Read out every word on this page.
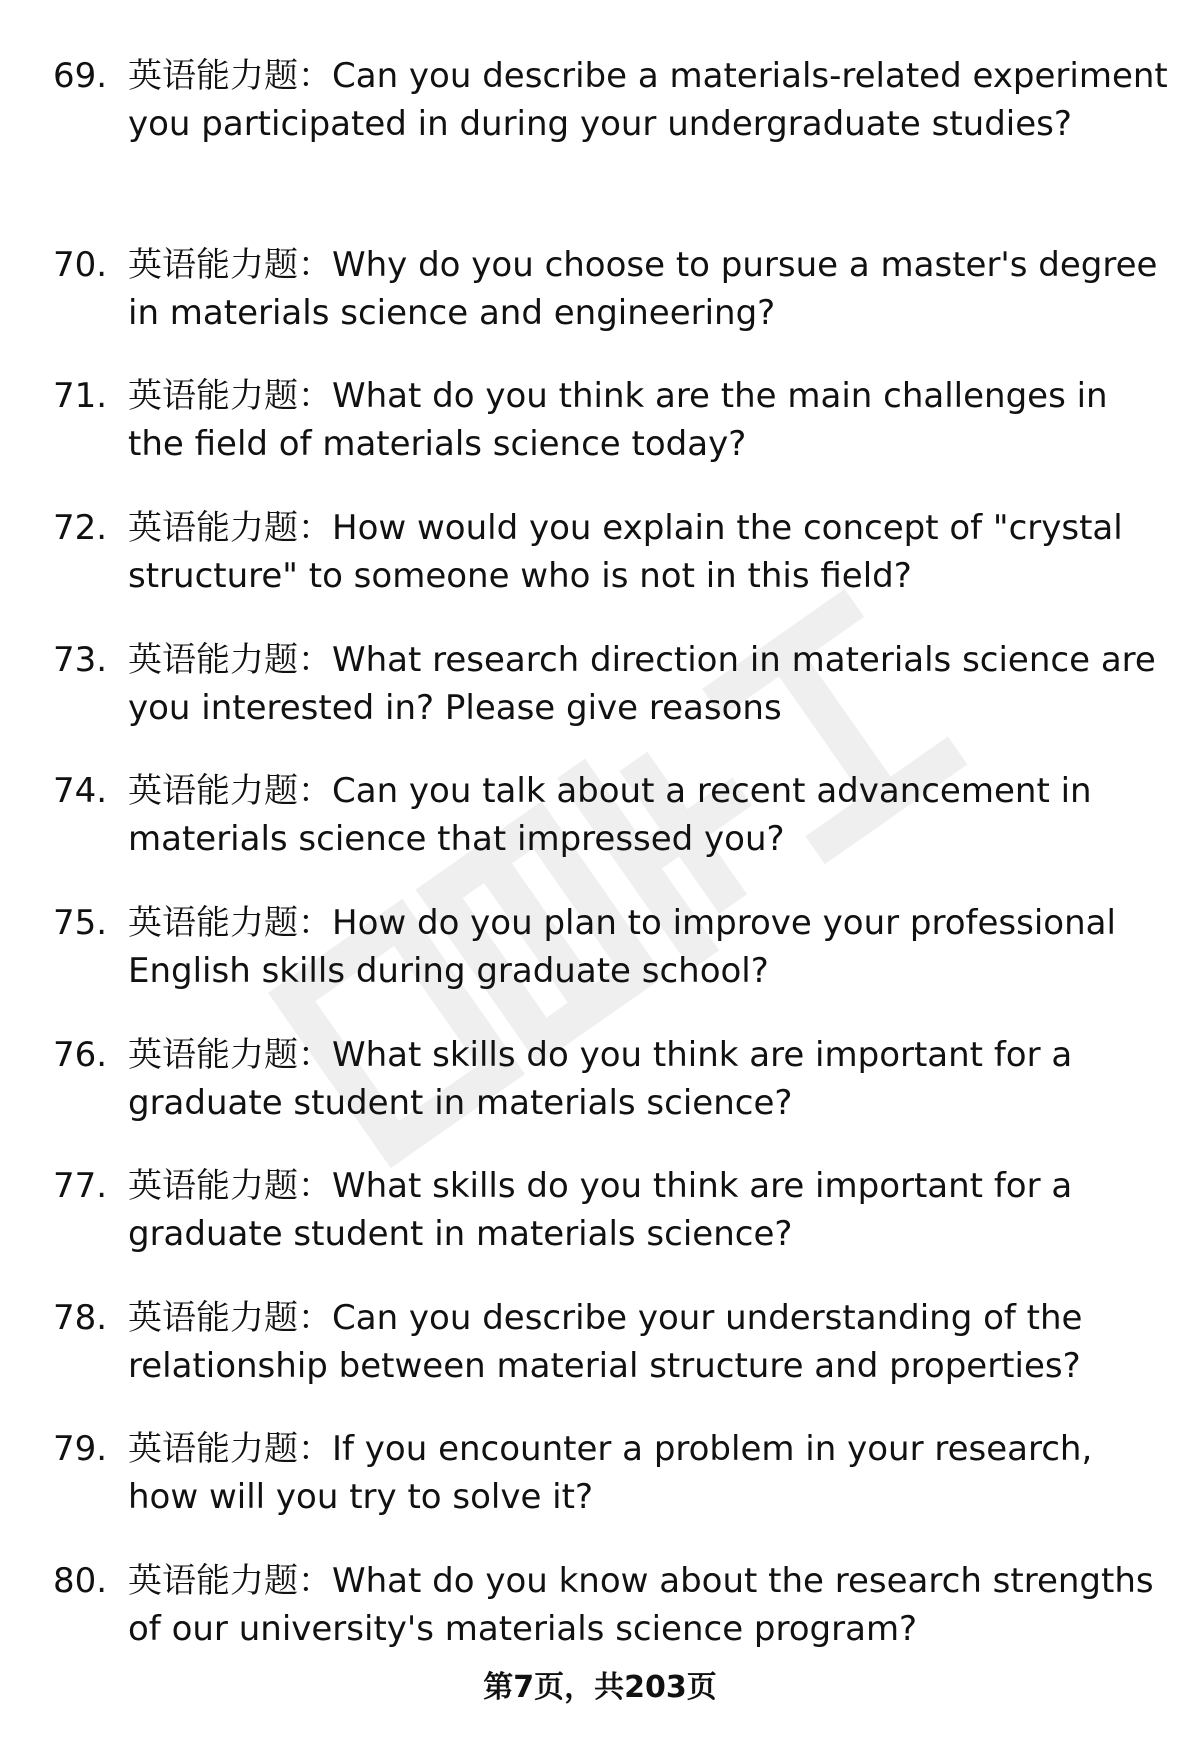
69. 英语能力题：Can you describe a materials-related experiment you participated in during your undergraduate studies?
70. 英语能力题：Why do you choose to pursue a master's degree in materials science and engineering?
71. 英语能力题：What do you think are the main challenges in the field of materials science today?
72. 英语能力题：How would you explain the concept of "crystal structure" to someone who is not in this field?
73. 英语能力题：What research direction in materials science are you interested in? Please give reasons
74. 英语能力题：Can you talk about a recent advancement in materials science that impressed you?
75. 英语能力题：How do you plan to improve your professional English skills during graduate school?
76. 英语能力题：What skills do you think are important for a graduate student in materials science?
77. 英语能力题：What skills do you think are important for a graduate student in materials science?
78. 英语能力题：Can you describe your understanding of the relationship between material structure and properties?
79. 英语能力题：If you encounter a problem in your research, how will you try to solve it?
80. 英语能力题：What do you know about the research strengths of our university's materials science program?
第7页，共203页
